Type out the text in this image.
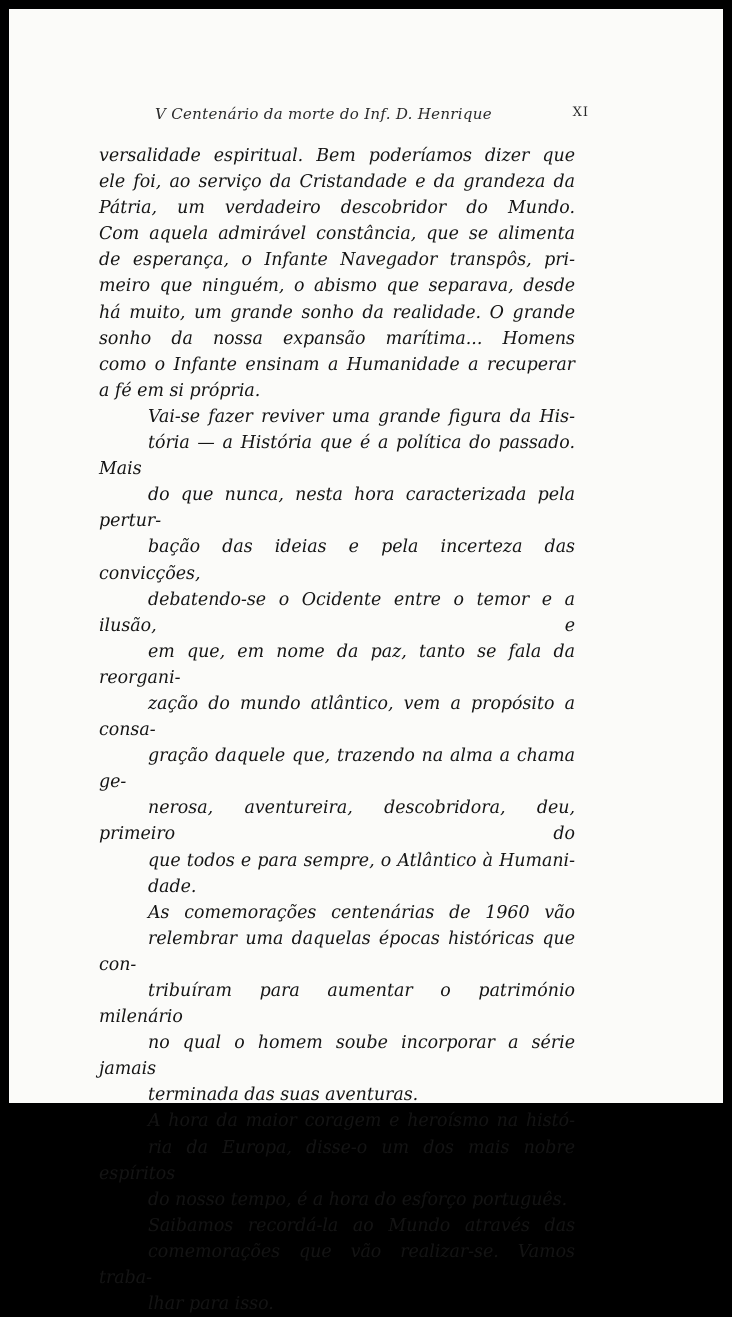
V Centenário da morte do Inf. D. Henrique	XI

versalidade espiritual. Bem poderíamos dizer que
ele foi, ao serviço da Cristandade e da grandeza da
Pátria, um verdadeiro descobridor do Mundo.
Com aquela admirável constância, que se alimenta
de esperança, o Infante Navegador transpôs, pri-
meiro que ninguém, o abismo que separava, desde
há muito, um grande sonho da realidade. O grande
sonho da nossa expansão marítima... Homens
como o Infante ensinam a Humanidade a recuperar
a fé em si própria.

Vai-se fazer reviver uma grande figura da His-
tória — a História que é a política do passado. Mais
do que nunca, nesta hora caracterizada pela pertur-
bação das ideias e pela incerteza das convicções,
debatendo-se o Ocidente entre o temor e a ilusão, e
em que, em nome da paz, tanto se fala da reorgani-
zação do mundo atlântico, vem a propósito a consa-
gração daquele que, trazendo na alma a chama ge-
nerosa, aventureira, descobridora, deu, primeiro do
que todos e para sempre, o Atlântico à Humani-
dade.

As comemorações centenárias de 1960 vão
relembrar uma daquelas épocas históricas que con-
tribuíram para aumentar o património milenário
no qual o homem soube incorporar a série jamais
terminada das suas aventuras.

A hora da maior coragem e heroísmo na histó-
ria da Europa, disse-o um dos mais nobre espíritos
do nosso tempo, é a hora do esforço português.

Saibamos recordá-la ao Mundo através das
comemorações que vão realizar-se. Vamos traba-
lhar para isso.
